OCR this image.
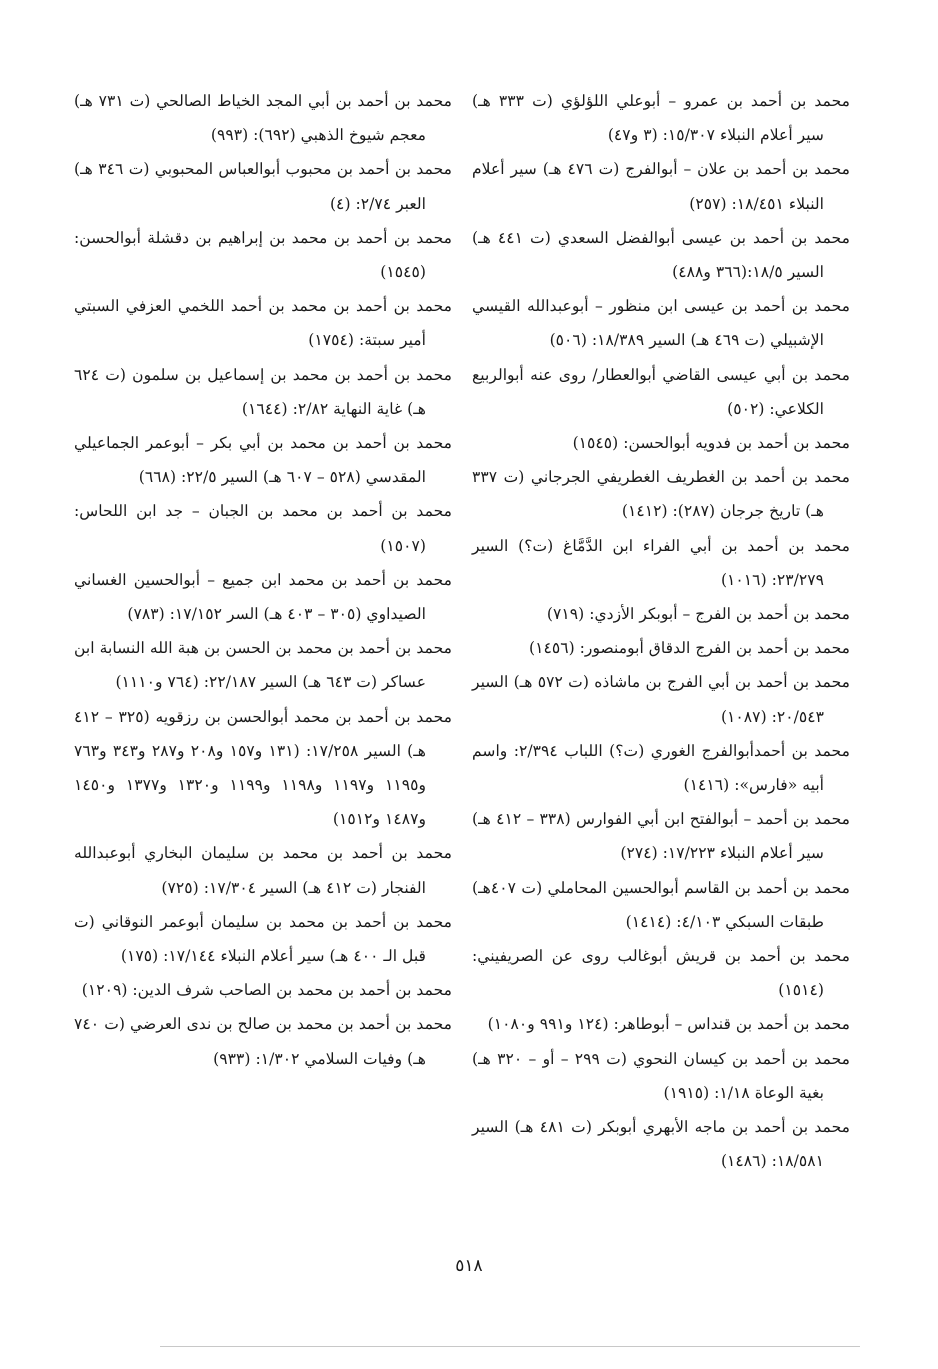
محمد بن أحمد بن عمرو – أبوعلي اللؤلؤي (ت ٣٣٣ هـ) سير أعلام النبلاء ١٥/٣٠٧: (٣ و٤٧)

محمد بن أحمد بن علان – أبوالفرج (ت ٤٧٦ هـ) سير أعلام النبلاء ١٨/٤٥١: (٢٥٧)

محمد بن أحمد بن عيسى أبوالفضل السعدي (ت ٤٤١ هـ) السير ١٨/٥:(٣٦٦ و٤٨٨)

محمد بن أحمد بن عيسى ابن منظور – أبوعبدالله القيسي الإشبيلي (ت ٤٦٩ هـ) السير ١٨/٣٨٩: (٥٠٦)

محمد بن أبي عيسى القاضي أبوالعطار/ روى عنه أبوالربيع الكلاعي: (٥٠٢)

محمد بن أحمد بن فدويه أبوالحسن: (١٥٤٥)

محمد بن أحمد بن الغطريف الغطريفي الجرجاني (ت ٣٣٧ هـ) تاريخ جرجان (٢٨٧): (١٤١٢)

محمد بن أحمد بن أبي الفراء ابن الدَّمَّاغ (ت؟) السير ٢٣/٢٧٩: (١٠١٦)

محمد بن أحمد بن الفرج – أبوبكر الأزدي: (٧١٩)

محمد بن أحمد بن الفرج الدقاق أبومنصور: (١٤٥٦)

محمد بن أحمد بن أبي الفرج بن ماشاذه (ت ٥٧٢ هـ) السير ٢٠/٥٤٣: (١٠٨٧)

محمد بن أحمدأبوالفرج الغوري (ت؟) اللباب ٢/٣٩٤: واسم أبيه «فارس»: (١٤١٦)

محمد بن أحمد – أبوالفتح ابن أبي الفوارس (٣٣٨ – ٤١٢ هـ) سير أعلام النبلاء ١٧/٢٢٣: (٢٧٤)

محمد بن أحمد بن القاسم أبوالحسين المحاملي (ت ٤٠٧هـ) طبقات السبكي ٤/١٠٣: (١٤١٤)

محمد بن أحمد بن قريش أبوغالب روى عن الصريفيني: (١٥١٤)

محمد بن أحمد بن قنداس – أبوطاهر: (١٢٤ و٩٩١ و١٠٨٠)

محمد بن أحمد بن كيسان النحوي (ت ٢٩٩ – أو – ٣٢٠ هـ) بغية الوعاة ١/١٨: (١٩١٥)

محمد بن أحمد بن ماجه الأبهري أبوبكر (ت ٤٨١ هـ) السير ١٨/٥٨١: (١٤٨٦)

محمد بن أحمد بن أبي المجد الخياط الصالحي (ت ٧٣١ هـ) معجم شيوخ الذهبي (٦٩٢): (٩٩٣)

محمد بن أحمد بن محبوب أبوالعباس المحبوبي (ت ٣٤٦ هـ) العبر ٢/٧٤: (٤)

محمد بن أحمد بن محمد بن إبراهيم بن دقشلة أبوالحسن: (١٥٤٥)

محمد بن أحمد بن محمد بن أحمد اللخمي العزفي السبتي أمير سبتة: (١٧٥٤)

محمد بن أحمد بن محمد بن إسماعيل بن سلمون (ت ٦٢٤ هـ) غاية النهاية ٢/٨٢: (١٦٤٤)

محمد بن أحمد بن محمد بن أبي بكر – أبوعمر الجماعيلي المقدسي (٥٢٨ – ٦٠٧ هـ) السير ٢٢/٥: (٦٦٨)

محمد بن أحمد بن محمد بن الجبان – جد ابن اللحاس: (١٥٠٧)

محمد بن أحمد بن محمد ابن جميع – أبوالحسين الغساني الصيداوي (٣٠٥ – ٤٠٣ هـ) السر ١٧/١٥٢: (٧٨٣)

محمد بن أحمد بن محمد بن الحسن بن هبة الله النسابة ابن عساكر (ت ٦٤٣ هـ) السير ٢٢/١٨٧: (٧٦٤ و١١١٠)

محمد بن أحمد بن محمد أبوالحسن بن رزقويه (٣٢٥ – ٤١٢ هـ) السير ١٧/٢٥٨: (١٣١ و١٥٧ و٢٠٨ و٢٨٧ و٣٤٣ و٧٦٣ و١١٩٥ و١١٩٧ و١١٩٨ و١١٩٩ و١٣٢٠ و١٣٧٧ و١٤٥٠ و١٤٨٧ و١٥١٢)

محمد بن أحمد بن محمد بن سليمان البخاري أبوعبدالله الفنجار (ت ٤١٢ هـ) السير ١٧/٣٠٤: (٧٢٥)

محمد بن أحمد بن محمد بن سليمان أبوعمر النوقاني (ت قبل الـ ٤٠٠ هـ) سير أعلام النبلاء ١٧/١٤٤: (١٧٥)

محمد بن أحمد بن محمد بن الصاحب شرف الدين: (١٢٠٩)

محمد بن أحمد بن محمد بن صالح بن ندى العرضي (ت ٧٤٠ هـ) وفيات السلامي ١/٣٠٢: (٩٣٣)

٥١٨
